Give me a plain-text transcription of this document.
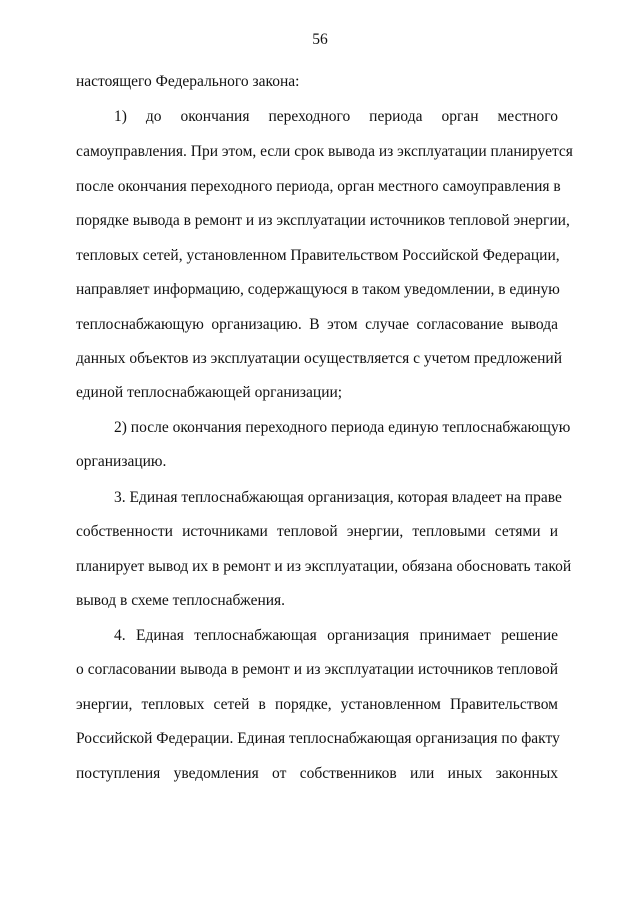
56
настоящего Федерального закона:
1) до окончания переходного периода орган местного
самоуправления. При этом, если срок вывода из эксплуатации планируется
после окончания переходного периода, орган местного самоуправления в
порядке вывода в ремонт и из эксплуатации источников тепловой энергии,
тепловых сетей, установленном Правительством Российской Федерации,
направляет информацию, содержащуюся в таком уведомлении, в единую
теплоснабжающую организацию. В этом случае согласование вывода
данных объектов из эксплуатации осуществляется с учетом предложений
единой теплоснабжающей организации;
2) после окончания переходного периода единую теплоснабжающую
организацию.
3. Единая теплоснабжающая организация, которая владеет на праве
собственности источниками тепловой энергии, тепловыми сетями и
планирует вывод их в ремонт и из эксплуатации, обязана обосновать такой
вывод в схеме теплоснабжения.
4. Единая теплоснабжающая организация принимает решение
о согласовании вывода в ремонт и из эксплуатации источников тепловой
энергии, тепловых сетей в порядке, установленном Правительством
Российской Федерации. Единая теплоснабжающая организация по факту
поступления уведомления от собственников или иных законных
